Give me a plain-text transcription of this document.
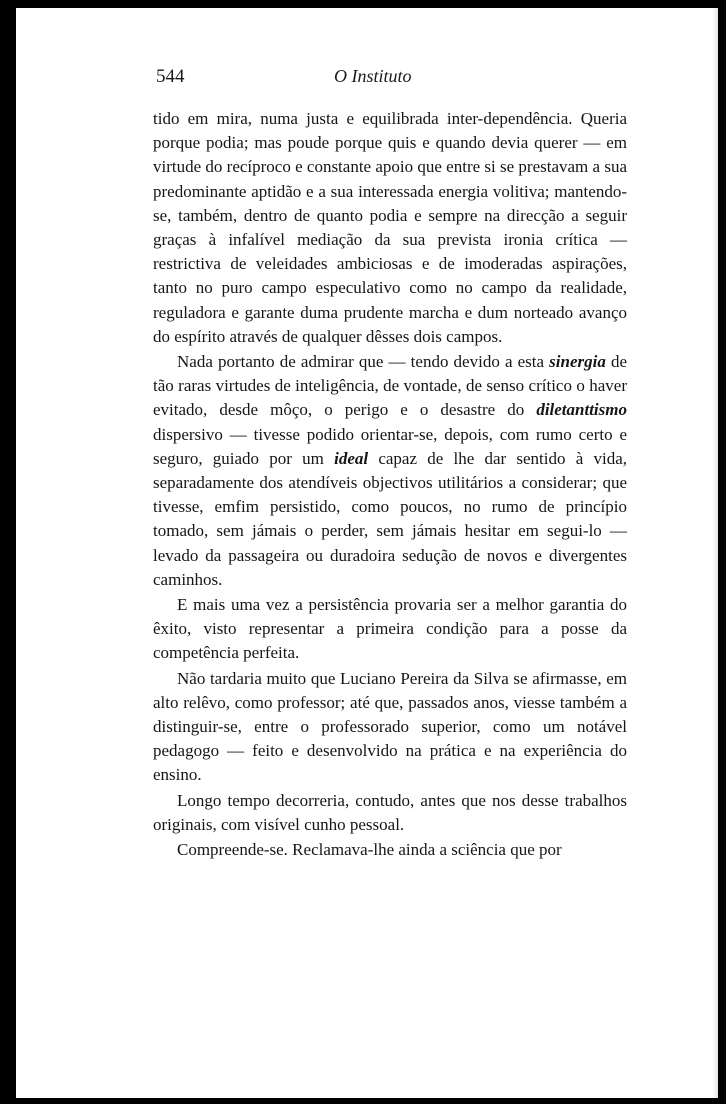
544	O Instituto

tido em mira, numa justa e equilibrada inter-dependência. Queria porque podia; mas poude porque quis e quando devia querer — em virtude do recíproco e constante apoio que entre si se prestavam a sua predominante aptidão e a sua interessada energia volitiva; mantendo-se, também, dentro de quanto podia e sempre na direcção a seguir graças à infalível mediação da sua prevista ironia crítica — restrictiva de veleidades ambiciosas e de imoderadas aspirações, tanto no puro campo especulativo como no campo da realidade, reguladora e garante duma prudente marcha e dum norteado avanço do espírito através de qualquer dêsses dois campos.

Nada portanto de admirar que — tendo devido a esta sinergia de tão raras virtudes de inteligência, de vontade, de senso crítico o haver evitado, desde môço, o perigo e o desastre do diletanttismo dispersivo — tivesse podido orientar-se, depois, com rumo certo e seguro, guiado por um ideal capaz de lhe dar sentido à vida, separadamente dos atendíveis objectivos utilitários a considerar; que tivesse, emfim persistido, como poucos, no rumo de princípio tomado, sem jámais o perder, sem jámais hesitar em segui-lo — levado da passageira ou duradoira sedução de novos e divergentes caminhos.

E mais uma vez a persistência provaria ser a melhor garantia do êxito, visto representar a primeira condição para a posse da competência perfeita.

Não tardaria muito que Luciano Pereira da Silva se afirmasse, em alto relêvo, como professor; até que, passados anos, viesse também a distinguir-se, entre o professorado superior, como um notável pedagogo — feito e desenvolvido na prática e na experiência do ensino.

Longo tempo decorreria, contudo, antes que nos desse trabalhos originais, com visível cunho pessoal.

Compreende-se. Reclamava-lhe ainda a sciência que por
